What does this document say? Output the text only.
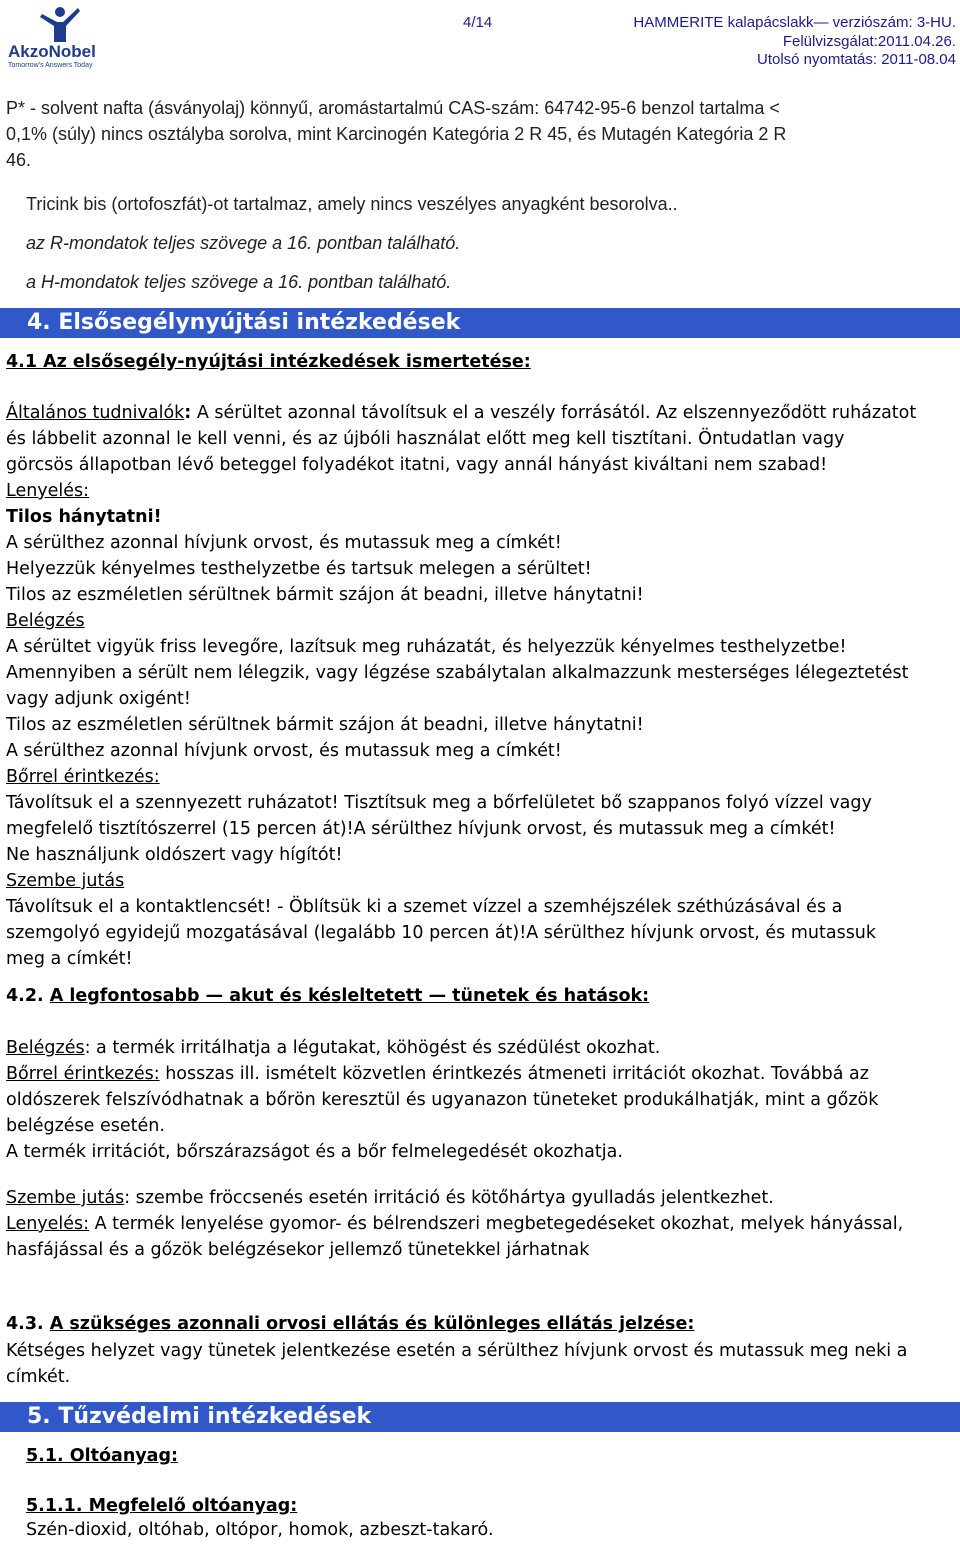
AkzoNobel
Tomorrow's Answers Today
4/14	HAMMERITE kalapácslakk— verziószám: 3-HU.
Felülvizsgálat:2011.04.26.
Utolsó nyomtatás: 2011-08.04
P* - solvent nafta (ásványolaj) könnyű, aromástartalmú CAS-szám: 64742-95-6 benzol tartalma <
0,1% (súly) nincs osztályba sorolva, mint Karcinogén Kategória 2 R 45, és Mutagén Kategória 2 R
46.
Tricink bis (ortofoszfát)-ot tartalmaz, amely nincs veszélyes anyagként besorolva..
az R-mondatok teljes szövege a 16. pontban található.
a H-mondatok teljes szövege a 16. pontban található.
4. Elsősegélynyújtási intézkedések
4.1 Az elsősegély-nyújtási intézkedések ismertetése:
Általános tudnivalók: A sérültet azonnal távolítsuk el a veszély forrásától. Az elszennyeződött ruházatot
és lábbelit azonnal le kell venni, és az újbóli használat előtt meg kell tisztítani. Öntudatlan vagy
görcsös állapotban lévő beteggel folyadékot itatni, vagy annál hányást kiváltani nem szabad!
Lenyelés:
Tilos hánytatni!
A sérülthez azonnal hívjunk orvost, és mutassuk meg a címkét!
Helyezzük kényelmes testhelyzetbe és tartsuk melegen a sérültet!
Tilos az eszméletlen sérültnek bármit szájon át beadni, illetve hánytatni!
Belégzés
A sérültet vigyük friss levegőre, lazítsuk meg ruházatát, és helyezzük kényelmes testhelyzetbe!
Amennyiben a sérült nem lélegzik, vagy légzése szabálytalan alkalmazzunk mesterséges lélegeztetést
vagy adjunk oxigént!
Tilos az eszméletlen sérültnek bármit szájon át beadni, illetve hánytatni!
A sérülthez azonnal hívjunk orvost, és mutassuk meg a címkét!
Bőrrel érintkezés:
Távolítsuk el a szennyezett ruházatot! Tisztítsuk meg a bőrfelületet bő szappanos folyó vízzel vagy
megfelelő tisztítószerrel (15 percen át)!A sérülthez hívjunk orvost, és mutassuk meg a címkét!
Ne használjunk oldószert vagy hígítót!
Szembe jutás
Távolítsuk el a kontaktlencsét! - Öblítsük ki a szemet vízzel a szemhéjszélek széthúzásával és a
szemgolyó egyidejű mozgatásával (legalább 10 percen át)!A sérülthez hívjunk orvost, és mutassuk
meg a címkét!
4.2. A legfontosabb — akut és késleltetett — tünetek és hatások:
Belégzés: a termék irritálhatja a légutakat, köhögést és szédülést okozhat.
Bőrrel érintkezés: hosszas ill. ismételt közvetlen érintkezés átmeneti irritációt okozhat. Továbbá az
oldószerek felszívódhatnak a bőrön keresztül és ugyanazon tüneteket produkálhatják, mint a gőzök
belégzése esetén.
A termék irritációt, bőrszárazságot és a bőr felmelegedését okozhatja.
Szembe jutás: szembe fröccsenés esetén irritáció és kötőhártya gyulladás jelentkezhet.
Lenyelés: A termék lenyelése gyomor- és bélrendszeri megbetegedéseket okozhat, melyek hányással,
hasfájással és a gőzök belégzésekor jellemző tünetekkel járhatnak
4.3. A szükséges azonnali orvosi ellátás és különleges ellátás jelzése:
Kétséges helyzet vagy tünetek jelentkezése esetén a sérülthez hívjunk orvost és mutassuk meg neki a
címkét.
5. Tűzvédelmi intézkedések
5.1. Oltóanyag:
5.1.1. Megfelelő oltóanyag:
Szén-dioxid, oltóhab, oltópor, homok, azbeszt-takaró.
